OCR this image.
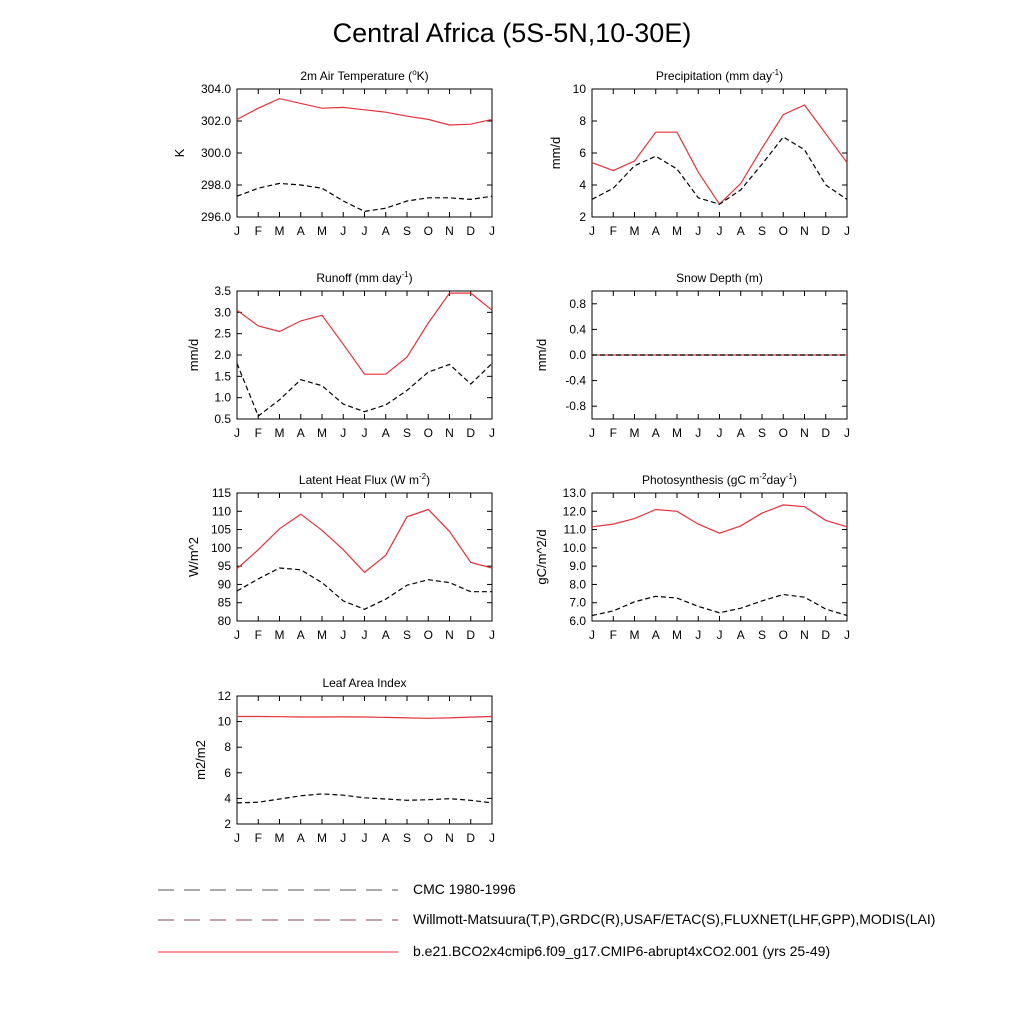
Central Africa (5S-5N,10-30E)
J F M A M J J A S O N D J
296.0
298.0
300.0
302.0
304.0
K
2m Air Temperature ($^o$K)
J F M A M J J A S O N D J
2
4
6
8
10
mm/d
Precipitation (mm day$^{-1}$)
J F M A M J J A S O N D J
0.5
1.0
1.5
2.0
2.5
3.0
3.5
mm/d
Runoff (mm day$^{-1}$)
J F M A M J J A S O N D J
-0.8
-0.4
0.0
0.4
0.8
mm/d
Snow Depth (m)
J F M A M J J A S O N D J
80
85
90
95
100
105
110
115
W/m^2
Latent Heat Flux (W $m^{-2}$)
J F M A M J J A S O N D J
6.0
7.0
8.0
9.0
10.0
11.0
12.0
13.0
gC/m^2/d
Photosynthesis (gC $m^{-2}day^{-1}$)
J F M A M J J A S O N D J
2
4
6
8
10
12
m2/m2
Leaf Area Index
CMC 1980-1996
Willmott-Matsuura(T,P),GRDC(R),USAF/ETAC(S),FLUXNET(LHF,GPP),MODIS(LAI)
b.e21.BCO2x4cmip6.f09_g17.CMIP6-abrupt4xCO2.001 (yrs 25-49)
